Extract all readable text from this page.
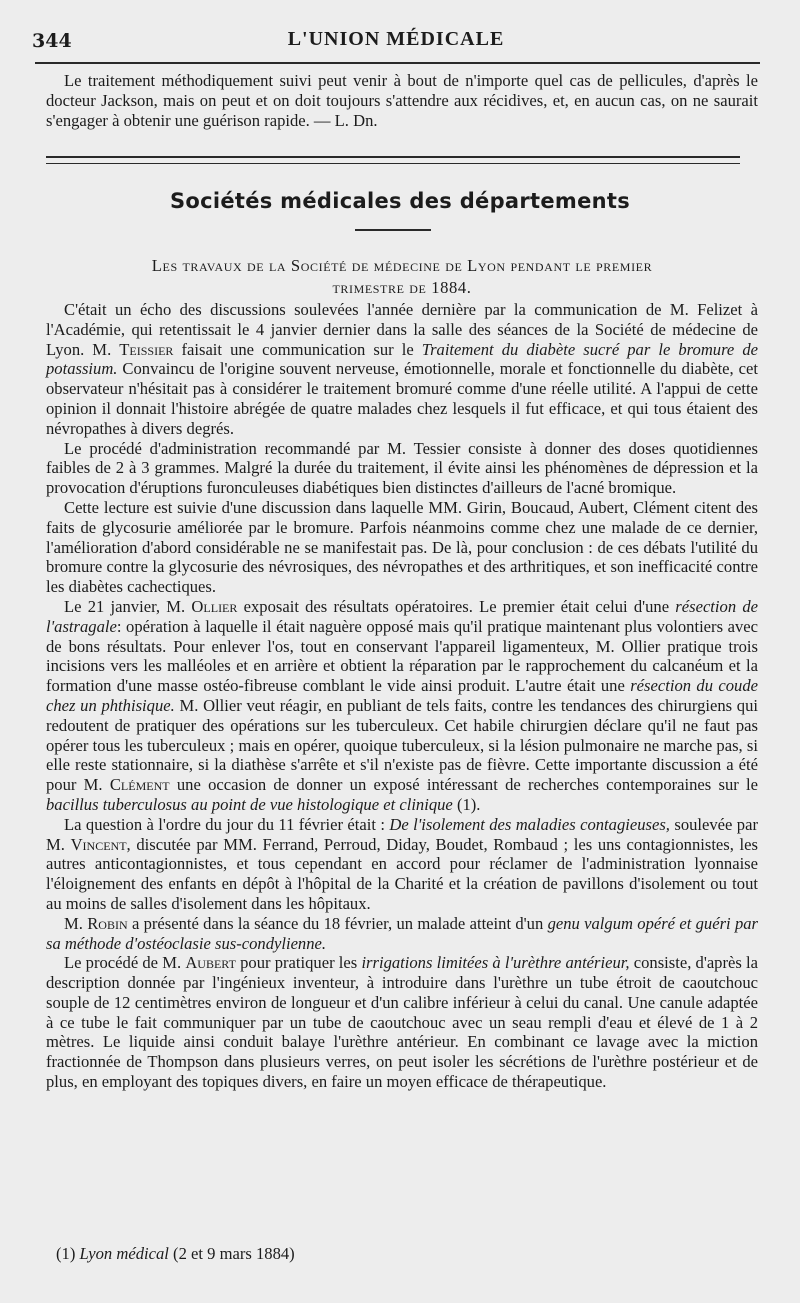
344	L'UNION MÉDICALE

Le traitement méthodiquement suivi peut venir à bout de n'importe quel cas de pellicules, d'après le docteur Jackson, mais on peut et on doit toujours s'attendre aux récidives, et, en aucun cas, on ne saurait s'engager à obtenir une guérison rapide. — L. Dn.

Sociétés médicales des départements
Les travaux de la Société de médecine de Lyon pendant le premier
trimestre de 1884.

C'était un écho des discussions soulevées l'année dernière par la communication de M. Felizet à l'Académie, qui retentissait le 4 janvier dernier dans la salle des séances de la Société de médecine de Lyon. M. Teissier faisait une communication sur le Traitement du diabète sucré par le bromure de potassium. Convaincu de l'origine souvent nerveuse, émotionnelle, morale et fonctionnelle du diabète, cet observateur n'hésitait pas à considérer le traitement bromuré comme d'une réelle utilité. A l'appui de cette opinion il donnait l'histoire abrégée de quatre malades chez lesquels il fut efficace, et qui tous étaient des névropathes à divers degrés.

Le procédé d'administration recommandé par M. Tessier consiste à donner des doses quotidiennes faibles de 2 à 3 grammes. Malgré la durée du traitement, il évite ainsi les phénomènes de dépression et la provocation d'éruptions furonculeuses diabétiques bien distinctes d'ailleurs de l'acné bromique.

Cette lecture est suivie d'une discussion dans laquelle MM. Girin, Boucaud, Aubert, Clément citent des faits de glycosurie améliorée par le bromure. Parfois néanmoins comme chez une malade de ce dernier, l'amélioration d'abord considérable ne se manifestait pas. De là, pour conclusion : de ces débats l'utilité du bromure contre la glycosurie des névrosiques, des névropathes et des arthritiques, et son inefficacité contre les diabètes cachectiques.

Le 21 janvier, M. Ollier exposait des résultats opératoires. Le premier était celui d'une résection de l'astragale: opération à laquelle il était naguère opposé mais qu'il pratique maintenant plus volontiers avec de bons résultats. Pour enlever l'os, tout en conservant l'appareil ligamenteux, M. Ollier pratique trois incisions vers les malléoles et en arrière et obtient la réparation par le rapprochement du calcanéum et la formation d'une masse ostéo-fibreuse comblant le vide ainsi produit. L'autre était une résection du coude chez un phthisique. M. Ollier veut réagir, en publiant de tels faits, contre les tendances des chirurgiens qui redoutent de pratiquer des opérations sur les tuberculeux. Cet habile chirurgien déclare qu'il ne faut pas opérer tous les tuberculeux ; mais en opérer, quoique tuberculeux, si la lésion pulmonaire ne marche pas, si elle reste stationnaire, si la diathèse s'arrête et s'il n'existe pas de fièvre. Cette importante discussion a été pour M. Clément une occasion de donner un exposé intéressant de recherches contemporaines sur le bacillus tuberculosus au point de vue histologique et clinique (1).

La question à l'ordre du jour du 11 février était : De l'isolement des maladies contagieuses, soulevée par M. Vincent, discutée par MM. Ferrand, Perroud, Diday, Boudet, Rombaud ; les uns contagionnistes, les autres anticontagionnistes, et tous cependant en accord pour réclamer de l'administration lyonnaise l'éloignement des enfants en dépôt à l'hôpital de la Charité et la création de pavillons d'isolement ou tout au moins de salles d'isolement dans les hôpitaux.

M. Robin a présenté dans la séance du 18 février, un malade atteint d'un genu valgum opéré et guéri par sa méthode d'ostéoclasie sus-condylienne.

Le procédé de M. Aubert pour pratiquer les irrigations limitées à l'urèthre antérieur, consiste, d'après la description donnée par l'ingénieux inventeur, à introduire dans l'urèthre un tube étroit de caoutchouc souple de 12 centimètres environ de longueur et d'un calibre inférieur à celui du canal. Une canule adaptée à ce tube le fait communiquer par un tube de caoutchouc avec un seau rempli d'eau et élevé de 1 à 2 mètres. Le liquide ainsi conduit balaye l'urèthre antérieur. En combinant ce lavage avec la miction fractionnée de Thompson dans plusieurs verres, on peut isoler les sécrétions de l'urèthre postérieur et de plus, en employant des topiques divers, en faire un moyen efficace de thérapeutique.

(1) Lyon médical (2 et 9 mars 1884)
